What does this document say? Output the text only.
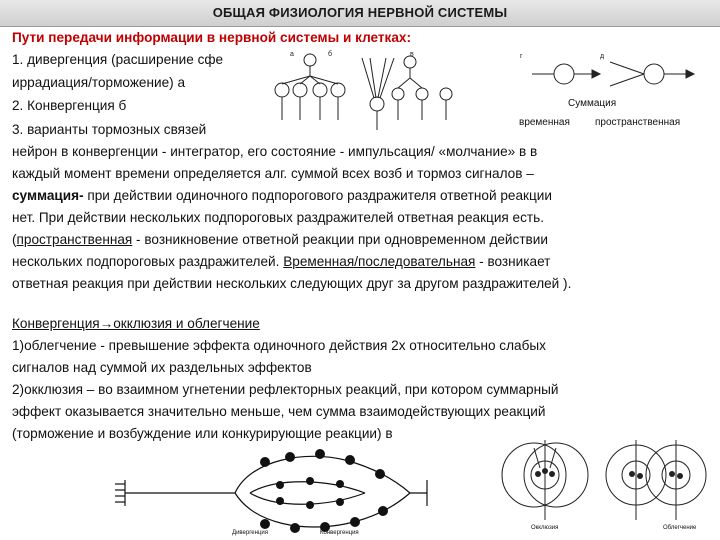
ОБЩАЯ ФИЗИОЛОГИЯ НЕРВНОЙ СИСТЕМЫ
Пути передачи информации в нервной системы и клетках:
1. дивергенция (расширение сфе
иррадиация/торможение) а
2. Конвергенция б
3. варианты тормозных связей
нейрон в конвергенции - интегратор, его состояние - импульсация/ «молчание» в в
каждый момент времени определяется алг. суммой всех возб и тормоз сигналов –
суммация- при действии одиночного подпорогового раздражителя ответной реакции
нет. При действии нескольких подпороговых раздражителей ответная реакция есть.
(пространственная - возникновение ответной реакции при одновременном действии
нескольких подпороговых раздражителей. Временная/последовательная - возникает
ответная реакция при действии нескольких следующих друг за другом раздражителей ).
Конвергенция→окклюзия и облегчение
1)облегчение - превышение эффекта одиночного действия 2х относительно слабых
сигналов над суммой их раздельных эффектов
2)окклюзия – во взаимном угнетении рефлекторных реакций, при котором суммарный
эффект оказывается значительно меньше, чем сумма взаимодействующих реакций
(торможение и возбуждение или конкурирующие реакции) в
а	б	в	г	д
Суммация
временная	пространственная
Дивергенция	Конвергенция
Окклюзия	Облегчение
